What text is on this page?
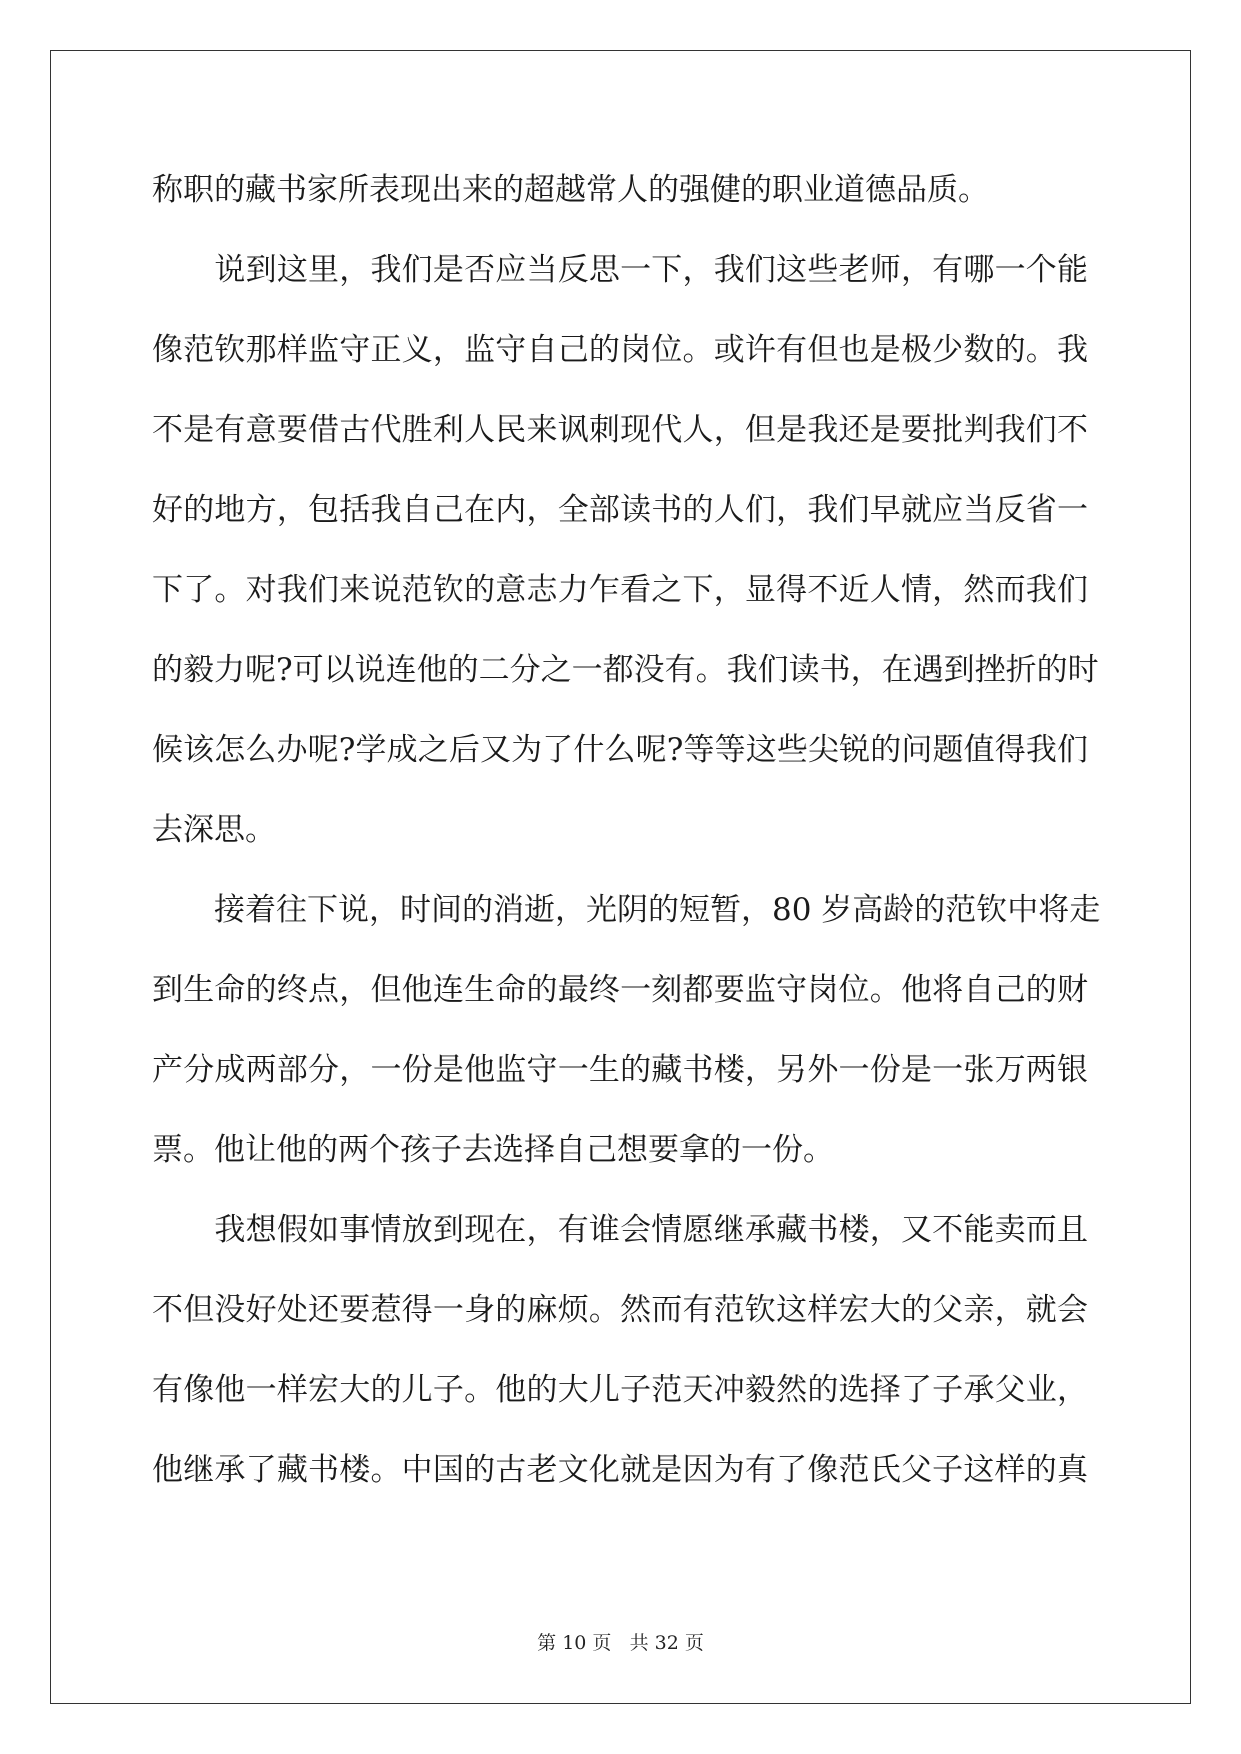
称职的藏书家所表现出来的超越常人的强健的职业道德品质。
　　说到这里，我们是否应当反思一下，我们这些老师，有哪一个能
像范钦那样监守正义，监守自己的岗位。或许有但也是极少数的。我
不是有意要借古代胜利人民来讽刺现代人，但是我还是要批判我们不
好的地方，包括我自己在内，全部读书的人们，我们早就应当反省一
下了。对我们来说范钦的意志力乍看之下，显得不近人情，然而我们
的毅力呢?可以说连他的二分之一都没有。我们读书，在遇到挫折的时
候该怎么办呢?学成之后又为了什么呢?等等这些尖锐的问题值得我们
去深思。
　　接着往下说，时间的消逝，光阴的短暂，80 岁高龄的范钦中将走
到生命的终点，但他连生命的最终一刻都要监守岗位。他将自己的财
产分成两部分，一份是他监守一生的藏书楼，另外一份是一张万两银
票。他让他的两个孩子去选择自己想要拿的一份。
　　我想假如事情放到现在，有谁会情愿继承藏书楼，又不能卖而且
不但没好处还要惹得一身的麻烦。然而有范钦这样宏大的父亲，就会
有像他一样宏大的儿子。他的大儿子范天冲毅然的选择了子承父业，
他继承了藏书楼。中国的古老文化就是因为有了像范氏父子这样的真
第 10 页 共 32 页
